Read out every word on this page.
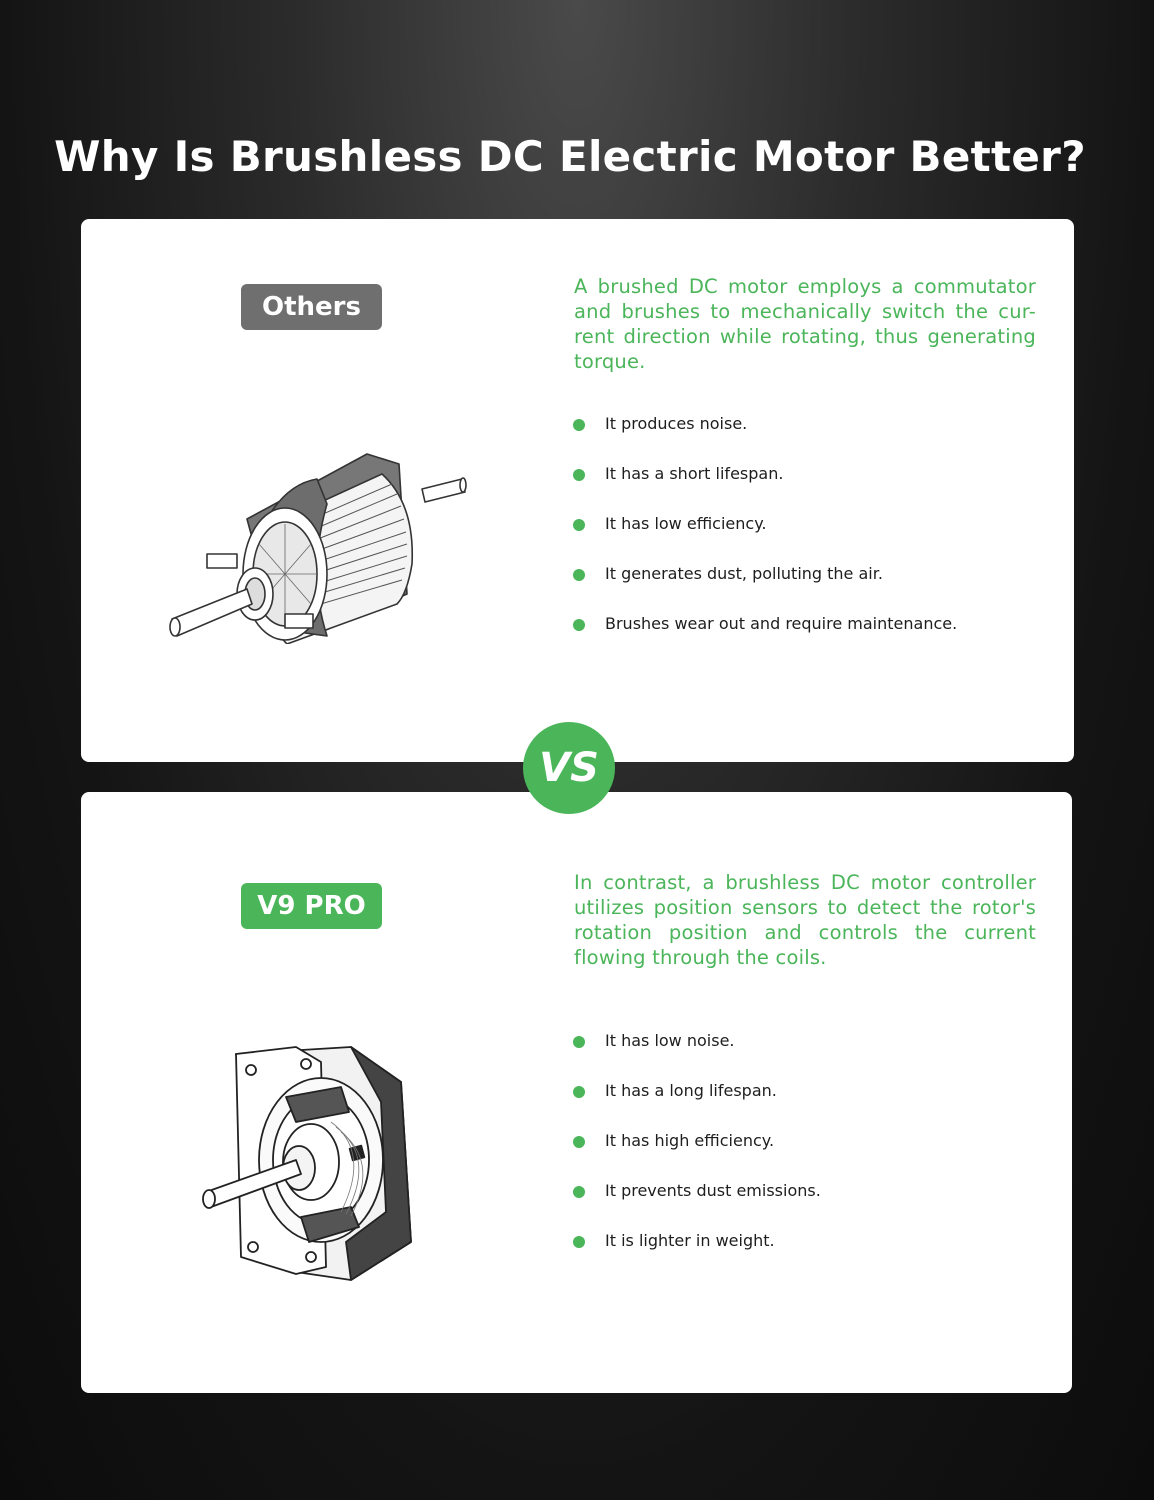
Why Is Brushless DC Electric Motor Better?
Others
A brushed DC motor employs a commutator and brushes to mechanically switch the cur-rent direction while rotating, thus generating torque.
It produces noise.
It has a short lifespan.
It has low efficiency.
It generates dust, polluting the air.
Brushes wear out and require maintenance.
VS
V9 PRO
In contrast, a brushless DC motor controller utilizes position sensors to detect the rotor's rotation position and controls the current flowing through the coils.
It has low noise.
It has a long lifespan.
It has high efficiency.
It prevents dust emissions.
It is lighter in weight.
